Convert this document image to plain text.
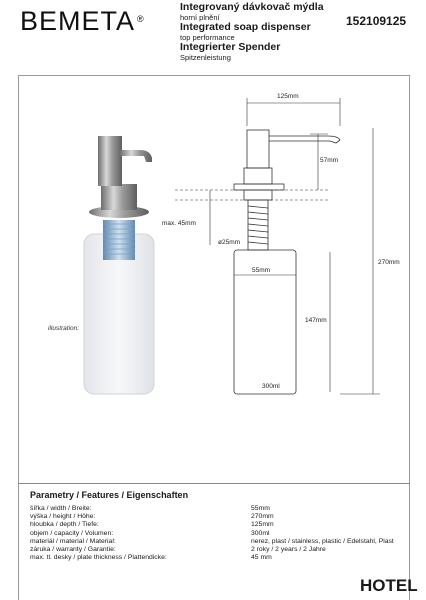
BEMETA ®
Integrovaný dávkovač mýdla
horní plnění
Integrated soap dispenser
top performance
Integrierter Spender
Spitzenleistung
152109125
125mm
57mm
max. 45mm
ø25mm
55mm
147mm
270mm
300ml
illustration:
Parametry / Features / Eigenschaften
šířka / width / Breite:	55mm
výška / height / Höhe:	270mm
hloubka / depth / Tiefe:	125mm
objem / capacity / Volumen:	300ml
materiál / material / Material:	nerez, plast / stainless, plastic / Edelstahl, Plast
záruka / warranty / Garantie:	2 roky / 2 years / 2 Jahre
max. tl. desky / plate thickness / Plattendicke:	45 mm
HOTEL
